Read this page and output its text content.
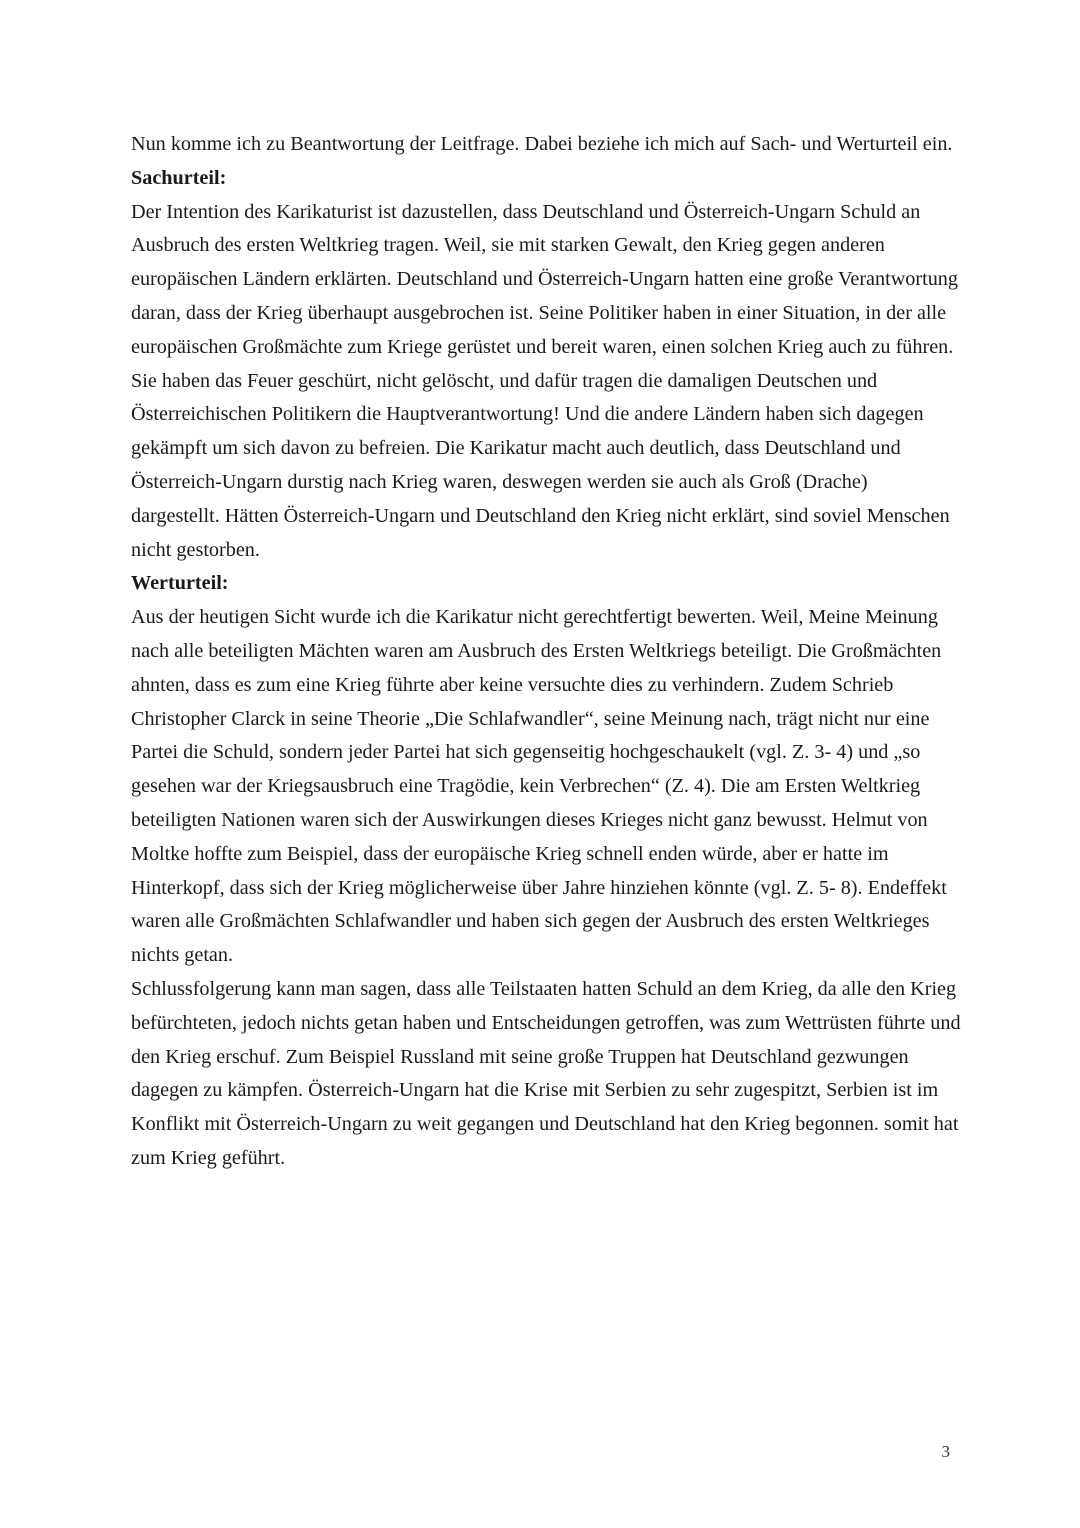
Nun komme ich zu Beantwortung der Leitfrage. Dabei beziehe ich mich auf Sach- und Werturteil ein.

Sachurteil:

Der Intention des Karikaturist ist dazustellen, dass Deutschland und Österreich-Ungarn Schuld an Ausbruch des ersten Weltkrieg tragen. Weil, sie mit starken Gewalt, den Krieg gegen anderen europäischen Ländern erklärten. Deutschland und Österreich-Ungarn hatten eine große Verantwortung daran, dass der Krieg überhaupt ausgebrochen ist. Seine Politiker haben in einer Situation, in der alle europäischen Großmächte zum Kriege gerüstet und bereit waren, einen solchen Krieg auch zu führen. Sie haben das Feuer geschürt, nicht gelöscht, und dafür tragen die damaligen Deutschen und Österreichischen Politikern die Hauptverantwortung! Und die andere Ländern haben sich dagegen gekämpft um sich davon zu befreien. Die Karikatur macht auch deutlich, dass Deutschland und Österreich-Ungarn durstig nach Krieg waren, deswegen werden sie auch als Groß (Drache) dargestellt. Hätten Österreich-Ungarn und Deutschland den Krieg nicht erklärt, sind soviel Menschen nicht gestorben.

Werturteil:

Aus der heutigen Sicht wurde ich die Karikatur nicht gerechtfertigt bewerten. Weil, Meine Meinung nach alle beteiligten Mächten waren am Ausbruch des Ersten Weltkriegs beteiligt. Die Großmächten ahnten, dass es zum eine Krieg führte aber keine versuchte dies zu verhindern. Zudem Schrieb Christopher Clarck in seine Theorie „Die Schlafwandler“, seine Meinung nach, trägt nicht nur eine Partei die Schuld, sondern jeder Partei hat sich gegenseitig hochgeschaukelt (vgl. Z. 3- 4) und „so gesehen war der Kriegsausbruch eine Tragödie, kein Verbrechen“ (Z. 4). Die am Ersten Weltkrieg beteiligten Nationen waren sich der Auswirkungen dieses Krieges nicht ganz bewusst. Helmut von Moltke hoffte zum Beispiel, dass der europäische Krieg schnell enden würde, aber er hatte im Hinterkopf, dass sich der Krieg möglicherweise über Jahre hinziehen könnte (vgl. Z. 5- 8). Endeffekt waren alle Großmächten Schlafwandler und haben sich gegen der Ausbruch des ersten Weltkrieges nichts getan.

Schlussfolgerung kann man sagen, dass alle Teilstaaten hatten Schuld an dem Krieg, da alle den Krieg befürchteten, jedoch nichts getan haben und Entscheidungen getroffen, was zum Wettrüsten führte und den Krieg erschuf. Zum Beispiel Russland mit seine große Truppen hat Deutschland gezwungen dagegen zu kämpfen. Österreich-Ungarn hat die Krise mit Serbien zu sehr zugespitzt, Serbien ist im Konflikt mit Österreich-Ungarn zu weit gegangen und Deutschland hat den Krieg begonnen. somit hat zum Krieg geführt.

3
